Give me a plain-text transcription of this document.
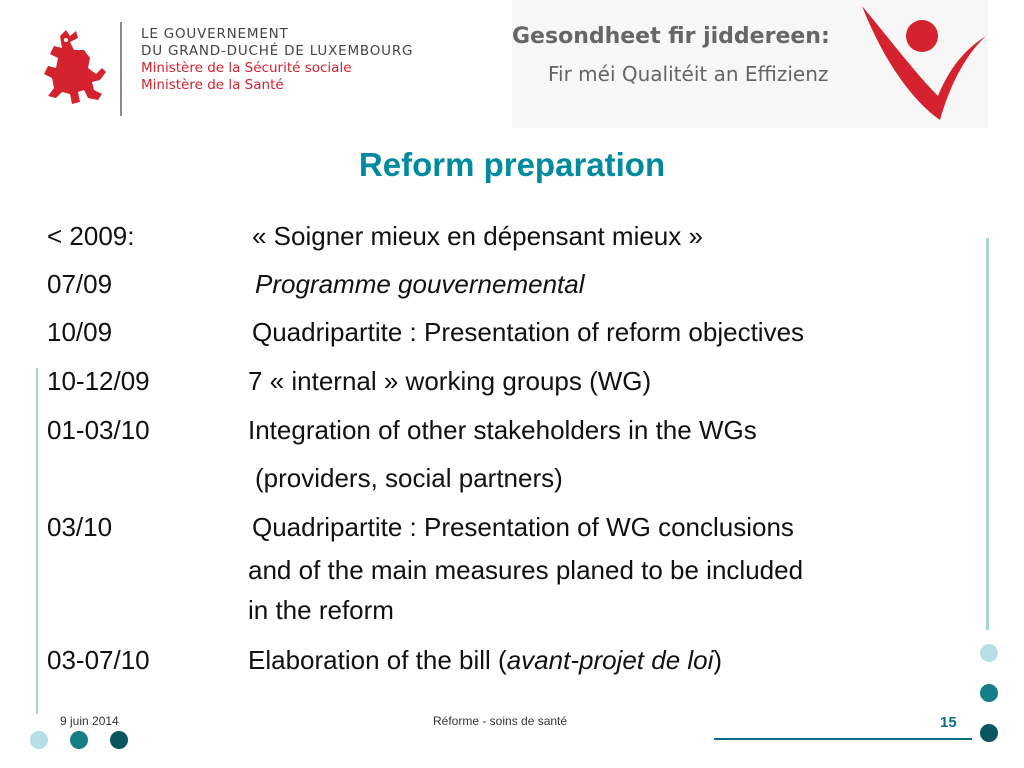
LE GOUVERNEMENT
DU GRAND-DUCHÉ DE LUXEMBOURG
Ministère de la Sécurité sociale
Ministère de la Santé
Gesondheet fir jiddereen:
Fir méi Qualitéit an Effizienz
Reform preparation
< 2009:	« Soigner mieux en dépensant mieux »
07/09	Programme gouvernemental
10/09	Quadripartite : Presentation of reform objectives
10-12/09	7 « internal » working groups (WG)
01-03/10	Integration of other stakeholders in the WGs
(providers, social partners)
03/10	Quadripartite : Presentation of WG conclusions
and of the main measures planed to be included
in the reform
03-07/10	Elaboration of the bill (avant-projet de loi)
9 juin 2014	Réforme - soins de santé	15
